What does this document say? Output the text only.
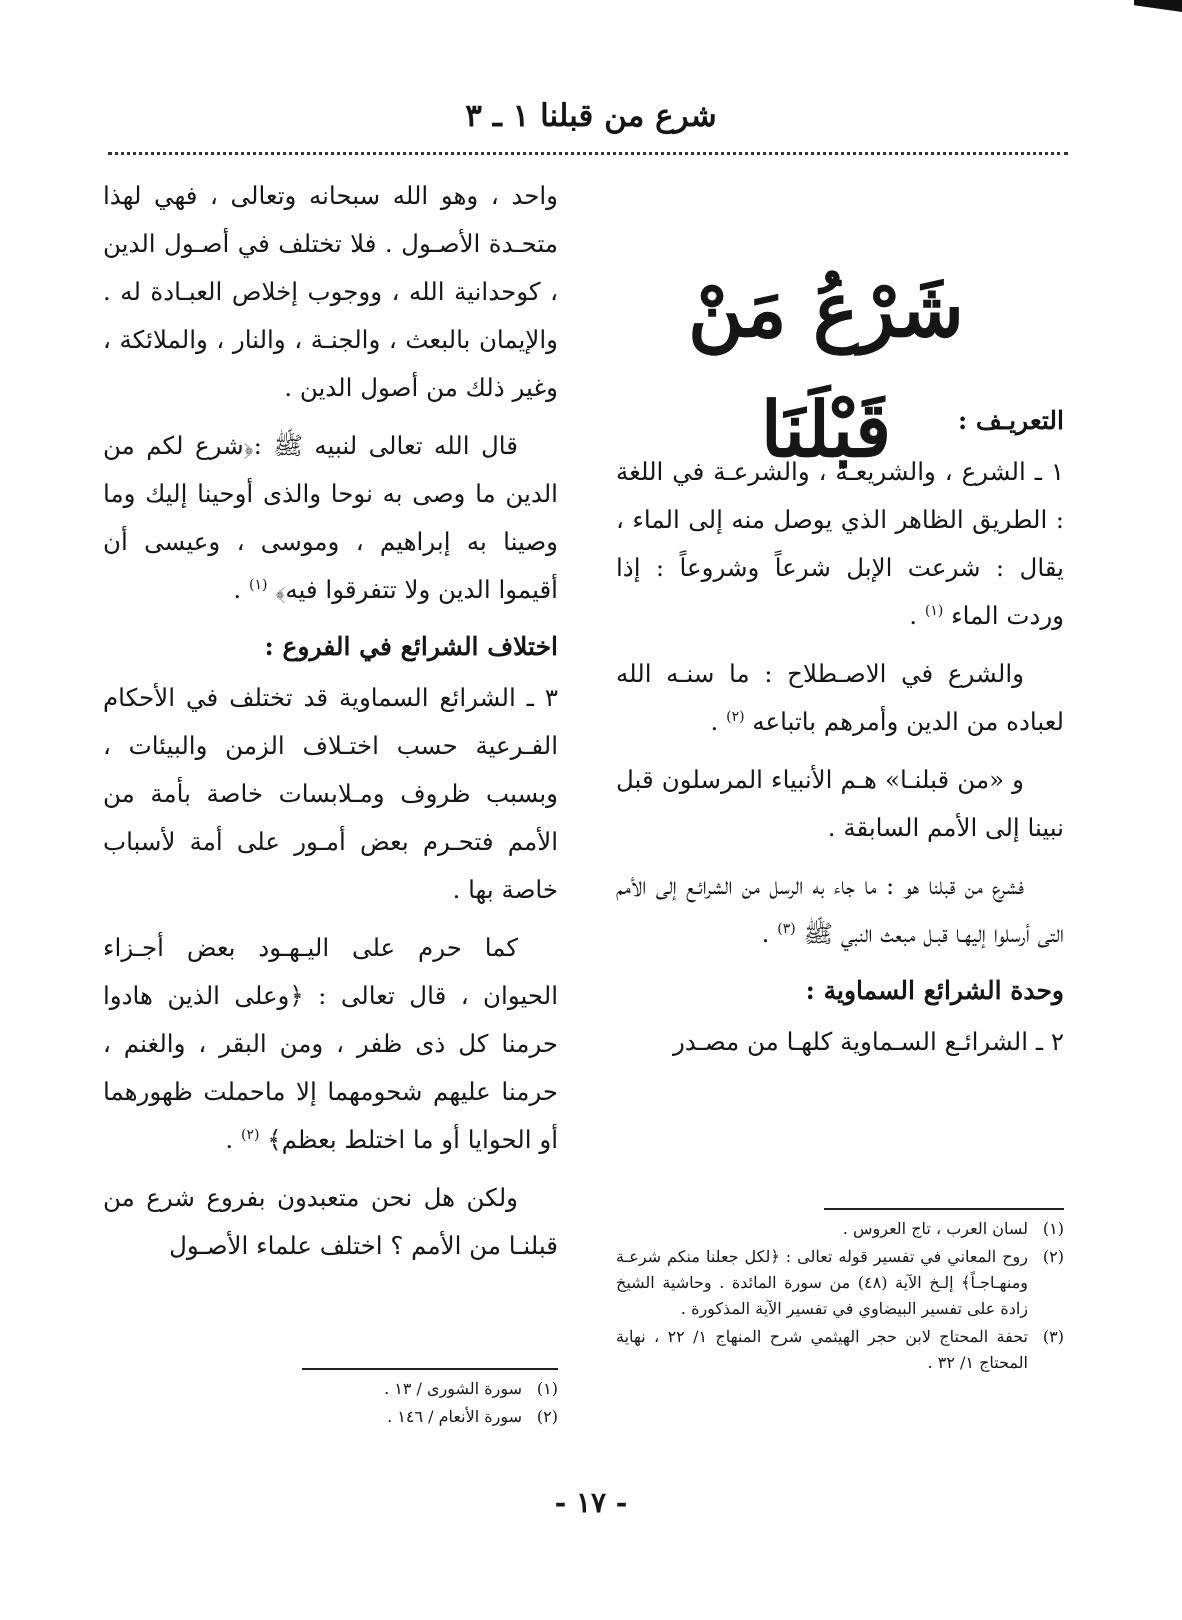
شرع من قبلنا ١ ـ ٣
شَرْعُ مَنْ قَبْلَنَا	التعريـف :

١ ـ الشرع ، والشريعـة ، والشرعـة في اللغة : الطريق الظاهر الذي يوصل منه إلى الماء ، يقال : شرعت الإبل شرعاً وشروعاً : إذا وردت الماء $^{(١)}$ .

والشرع في الاصـطلاح : ما سنـه الله لعباده من الدين وأمرهم باتباعه $^{(٢)}$ .

و «من قبلنـا» هـم الأنبياء المرسلون قبل نبينا إلى الأمم السابقة .

فشرع من قبلنا هو : ما جاء به الرسل من الشرائـع إلى الأمم التى أرسلوا إليهـا قبـل مبعث النبي ﷺ $^{(٣)}$ .

وحدة الشرائع السماوية :

٢ ـ الشرائـع السـماوية كلهـا من مصـدر

واحد ، وهو الله سبحانه وتعالى ، فهي لهذا متحـدة الأصـول . فلا تختلف في أصـول الدين ، كوحدانية الله ، ووجوب إخلاص العبـادة له . والإيمان بالبعث ، والجنـة ، والنار ، والملائكة ، وغير ذلك من أصول الدين .

قال الله تعالى لنبيه ﷺ :﴿شرع لكم من الدين ما وصى به نوحا والذى أوحينا إليك وما وصينا به إبراهيم ، وموسى ، وعيسى أن أقيموا الدين ولا تتفرقوا فيه﴾ $^{(١)}$ .

اختلاف الشرائع في الفروع :

٣ ـ الشرائع السماوية قد تختلف في الأحكام الفـرعية حسب اختـلاف الزمن والبيئات ، وبسبب ظروف ومـلابسات خاصة بأمة من الأمم فتحـرم بعض أمـور على أمة لأسباب خاصة بها .

كما حرم على اليـهـود بعض أجـزاء الحيوان ، قال تعالى : ﴿وعلى الذين هادوا حرمنا كل ذى ظفر ، ومن البقر ، والغنم ، حرمنا عليهم شحومهما إلا ماحملت ظهورهما أو الحوايا أو ما اختلط بعظم﴾ $^{(٢)}$ .

ولكن هل نحن متعبدون بفروع شرع من قبلنـا من الأمم ؟ اختلف علماء الأصـول

(١)
لسان العرب ، تاج العروس .
(٢)
روح المعاني في تفسير قوله تعالى : ﴿لكل جعلنا منكم شرعـة ومنهـاجـاً﴾ إلـخ الآية (٤٨) من سورة المائدة . وحاشية الشيخ زادة على تفسير البيضاوي في تفسير الآية المذكورة .
(٣)
تحفة المحتاج لابن حجر الهيثمي شرح المنهاج ١/ ٢٢ ، نهاية المحتاج ١/ ٣٢ .
(١)
سورة الشورى / ١٣ .
(٢)
سورة الأنعام / ١٤٦ .
- ١٧ -
